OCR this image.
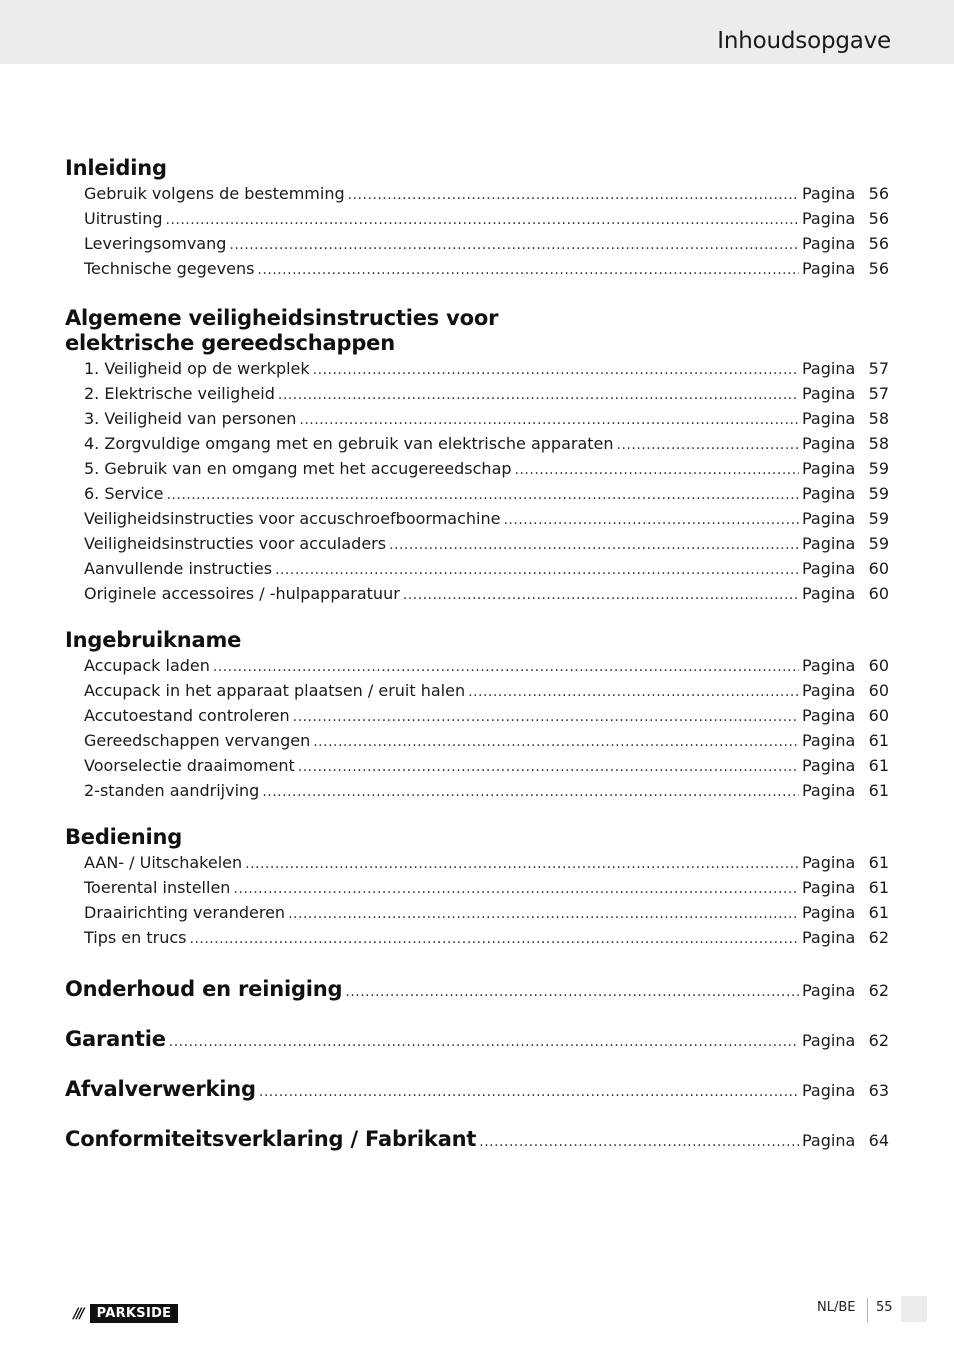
Inhoudsopgave
Inleiding
Gebruik volgens de bestemming .....	Pagina 56
Uitrusting .....	Pagina 56
Leveringsomvang .....	Pagina 56
Technische gegevens .....	Pagina 56
Algemene veiligheidsinstructies voor elektrische gereedschappen
1. Veiligheid op de werkplek .....	Pagina 57
2. Elektrische veiligheid .....	Pagina 57
3. Veiligheid van personen .....	Pagina 58
4. Zorgvuldige omgang met en gebruik van elektrische apparaten .....	Pagina 58
5. Gebruik van en omgang met het accugereedschap .....	Pagina 59
6. Service .....	Pagina 59
Veiligheidsinstructies voor accuschroefboormachine .....	Pagina 59
Veiligheidsinstructies voor acculaders .....	Pagina 59
Aanvullende instructies .....	Pagina 60
Originele accessoires / -hulpapparatuur .....	Pagina 60
Ingebruikname
Accupack laden .....	Pagina 60
Accupack in het apparaat plaatsen / eruit halen .....	Pagina 60
Accutoestand controleren .....	Pagina 60
Gereedschappen vervangen .....	Pagina 61
Voorselectie draaimoment .....	Pagina 61
2-standen aandrijving .....	Pagina 61
Bediening
AAN- / Uitschakelen .....	Pagina 61
Toerental instellen .....	Pagina 61
Draairichting veranderen .....	Pagina 61
Tips en trucs .....	Pagina 62
Onderhoud en reiniging .....	Pagina 62
Garantie .....	Pagina 62
Afvalverwerking .....	Pagina 63
Conformiteitsverklaring / Fabrikant .....	Pagina 64
///	PARKSIDE	NL/BE 55
